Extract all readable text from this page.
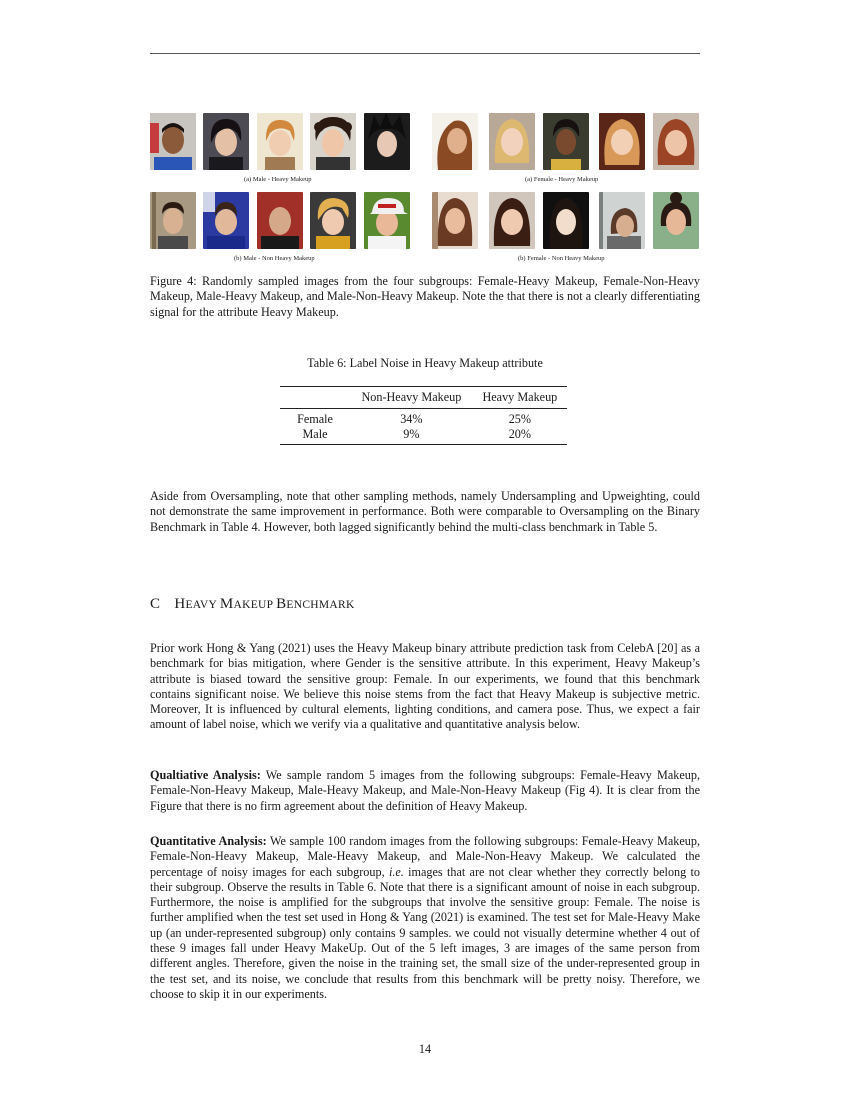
(a) Male - Heavy Makeup	(a) Female - Heavy Makeup
(b) Male - Non Heavy Makeup	(b) Female - Non Heavy Makeup
Figure 4: Randomly sampled images from the four subgroups: Female-Heavy Makeup, Female-Non-Heavy Makeup, Male-Heavy Makeup, and Male-Non-Heavy Makeup. Note the that there is not a clearly differentiating signal for the attribute Heavy Makeup.
Table 6: Label Noise in Heavy Makeup attribute
	Non-Heavy Makeup	Heavy Makeup
Female	34%	25%
Male	9%	20%
Aside from Oversampling, note that other sampling methods, namely Undersampling and Upweighting, could not demonstrate the same improvement in performance. Both were comparable to Oversampling on the Binary Benchmark in Table 4. However, both lagged significantly behind the multi-class benchmark in Table 5.
C HEAVY MAKEUP BENCHMARK
Prior work Hong & Yang (2021) uses the Heavy Makeup binary attribute prediction task from CelebA [20] as a benchmark for bias mitigation, where Gender is the sensitive attribute. In this experiment, Heavy Makeup’s attribute is biased toward the sensitive group: Female. In our experiments, we found that this benchmark contains significant noise. We believe this noise stems from the fact that Heavy Makeup is subjective metric. Moreover, It is influenced by cultural elements, lighting conditions, and camera pose. Thus, we expect a fair amount of label noise, which we verify via a qualitative and quantitative analysis below.
Qualtiative Analysis: We sample random 5 images from the following subgroups: Female-Heavy Makeup, Female-Non-Heavy Makeup, Male-Heavy Makeup, and Male-Non-Heavy Makeup (Fig 4). It is clear from the Figure that there is no firm agreement about the definition of Heavy Makeup.
Quantitative Analysis: We sample 100 random images from the following subgroups: Female-Heavy Makeup, Female-Non-Heavy Makeup, Male-Heavy Makeup, and Male-Non-Heavy Makeup. We calculated the percentage of noisy images for each subgroup, i.e. images that are not clear whether they correctly belong to their subgroup. Observe the results in Table 6. Note that there is a significant amount of noise in each subgroup. Furthermore, the noise is amplified for the subgroups that involve the sensitive group: Female. The noise is further amplified when the test set used in Hong & Yang (2021) is examined. The test set for Male-Heavy Make up (an under-represented subgroup) only contains 9 samples. we could not visually determine whether 4 out of these 9 images fall under Heavy MakeUp. Out of the 5 left images, 3 are images of the same person from different angles. Therefore, given the noise in the training set, the small size of the under-represented group in the test set, and its noise, we conclude that results from this benchmark will be pretty noisy. Therefore, we choose to skip it in our experiments.
14
